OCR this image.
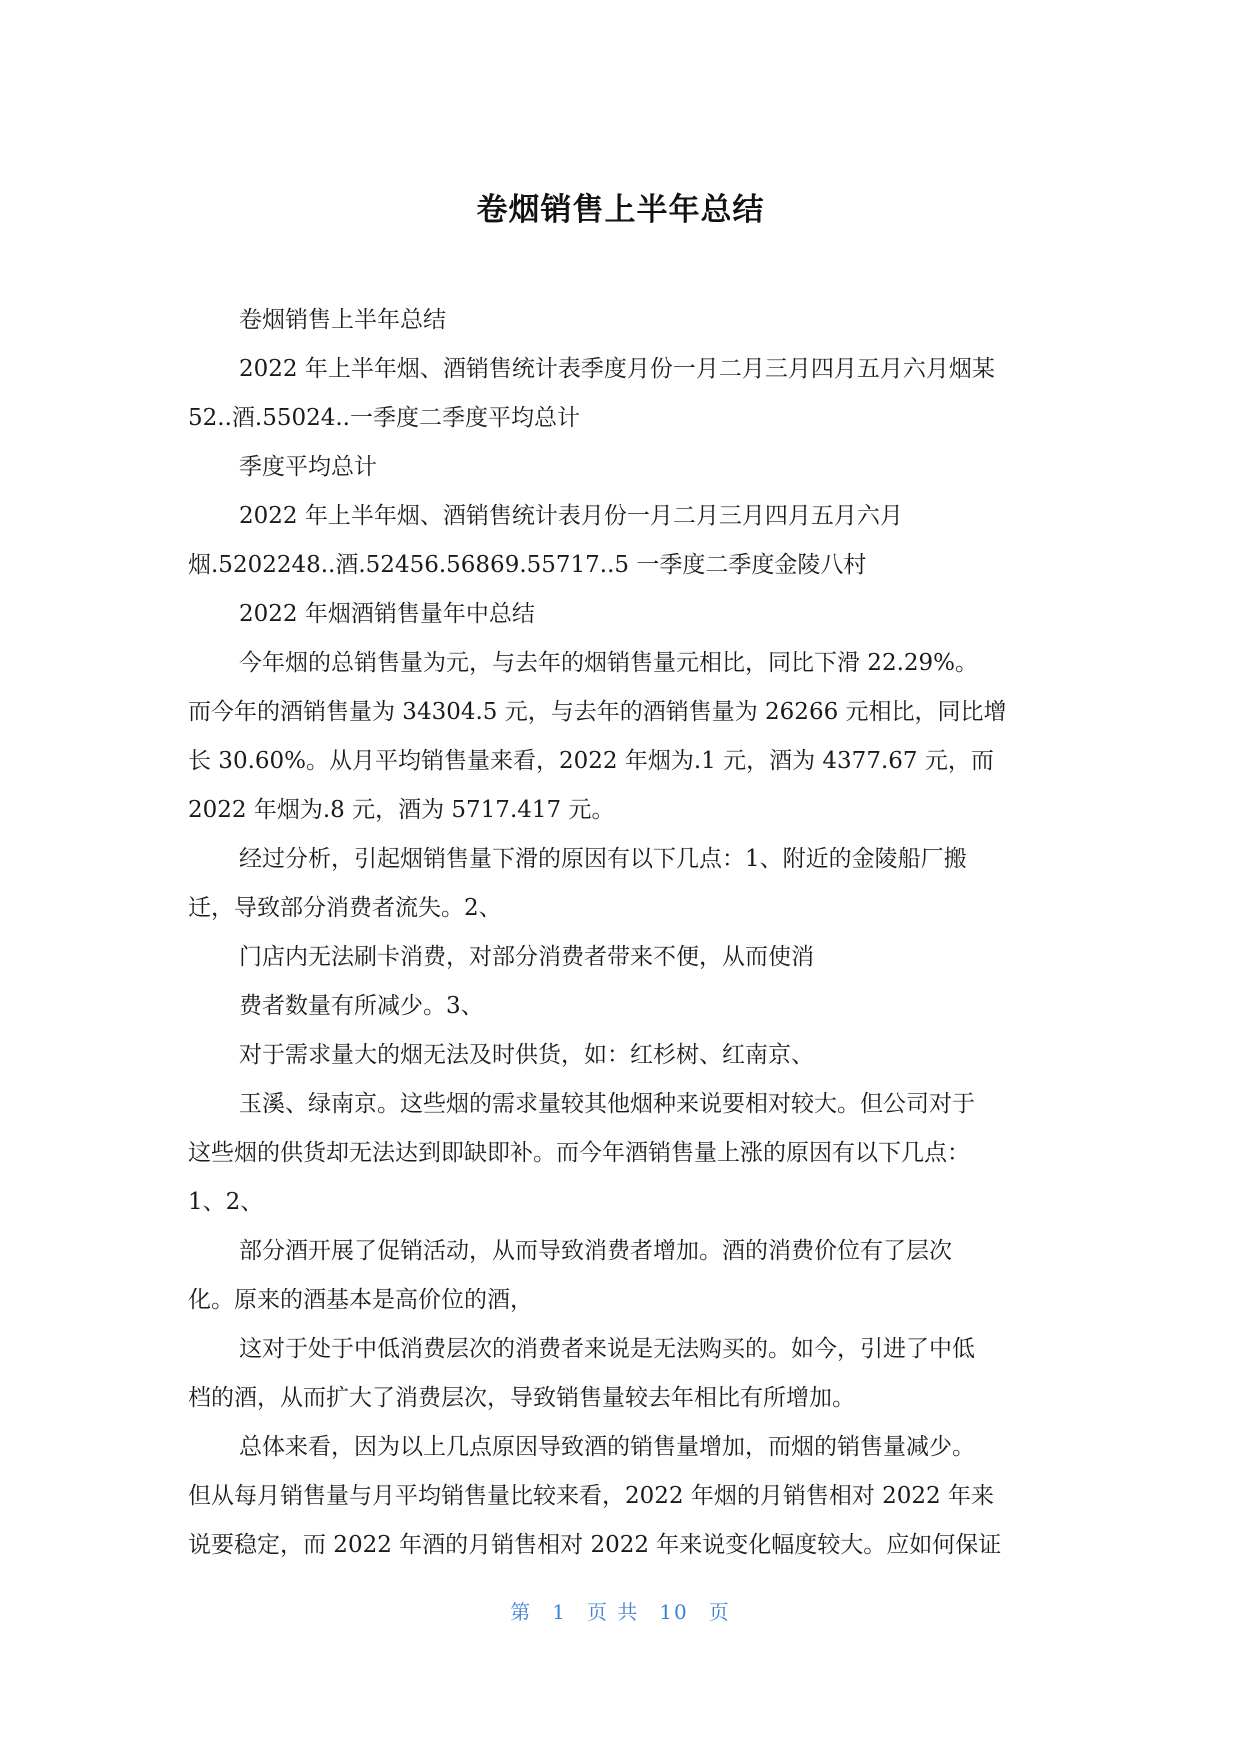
卷烟销售上半年总结
卷烟销售上半年总结
2022 年上半年烟、酒销售统计表季度月份一月二月三月四月五月六月烟某
52..酒.55024..一季度二季度平均总计
季度平均总计
2022 年上半年烟、酒销售统计表月份一月二月三月四月五月六月
烟.5202248..酒.52456.56869.55717..5 一季度二季度金陵八村
2022 年烟酒销售量年中总结
今年烟的总销售量为元，与去年的烟销售量元相比，同比下滑 22.29%。
而今年的酒销售量为 34304.5 元，与去年的酒销售量为 26266 元相比，同比增
长 30.60%。从月平均销售量来看，2022 年烟为.1 元，酒为 4377.67 元，而
2022 年烟为.8 元，酒为 5717.417 元。
经过分析，引起烟销售量下滑的原因有以下几点：1、附近的金陵船厂搬
迁，导致部分消费者流失。2、
门店内无法刷卡消费，对部分消费者带来不便，从而使消
费者数量有所减少。3、
对于需求量大的烟无法及时供货，如：红杉树、红南京、
玉溪、绿南京。这些烟的需求量较其他烟种来说要相对较大。但公司对于
这些烟的供货却无法达到即缺即补。而今年酒销售量上涨的原因有以下几点：
1、2、
部分酒开展了促销活动，从而导致消费者增加。酒的消费价位有了层次
化。原来的酒基本是高价位的酒，
这对于处于中低消费层次的消费者来说是无法购买的。如今，引进了中低
档的酒，从而扩大了消费层次，导致销售量较去年相比有所增加。
总体来看，因为以上几点原因导致酒的销售量增加，而烟的销售量减少。
但从每月销售量与月平均销售量比较来看，2022 年烟的月销售相对 2022 年来
说要稳定，而 2022 年酒的月销售相对 2022 年来说变化幅度较大。应如何保证
第 1 页 共 10 页
